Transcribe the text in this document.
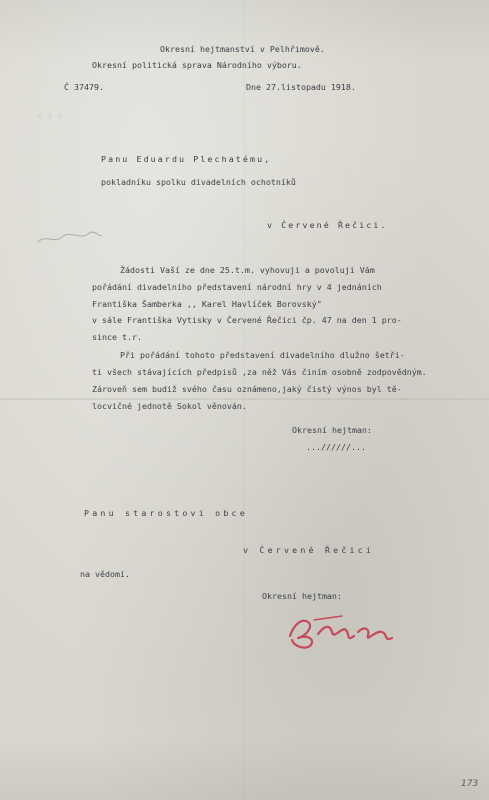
⊂ ⊃ ⊂
Okresní hejtmanství v Pelhřimově.
Okresní politická sprava Národního výboru.
Č 37479.	Dne 27.listopadu 1918.
Panu Eduardu Plechatému,
pokladníku spolku divadelních ochotníků
v Červené Řečici.
Žádosti Vaší ze dne 25.t.m. vyhovuji a povoluji Vám
pořádání divadelního představení národní hry v 4 jednáních
Františka Šamberka ,, Karel Havlíček Borovský"
v sále Františka Vytisky v Červené Řečici čp. 47 na den 1 pro-
since t.r.
Při pořádání tohoto představení divadelního dlužno šetři-
ti všech stávajících předpisů ,za něž Vás činím osobně zodpovědným.
Zároveň sem budiž svého času oznámeno,jaký čistý výnos byl tě-
locvičné jednotě Sokol věnován.
Okresní hejtman:
...//////...
Panu starostovi obce
v Červené Řečici
na vědomí.
Okresní hejtman:
173
